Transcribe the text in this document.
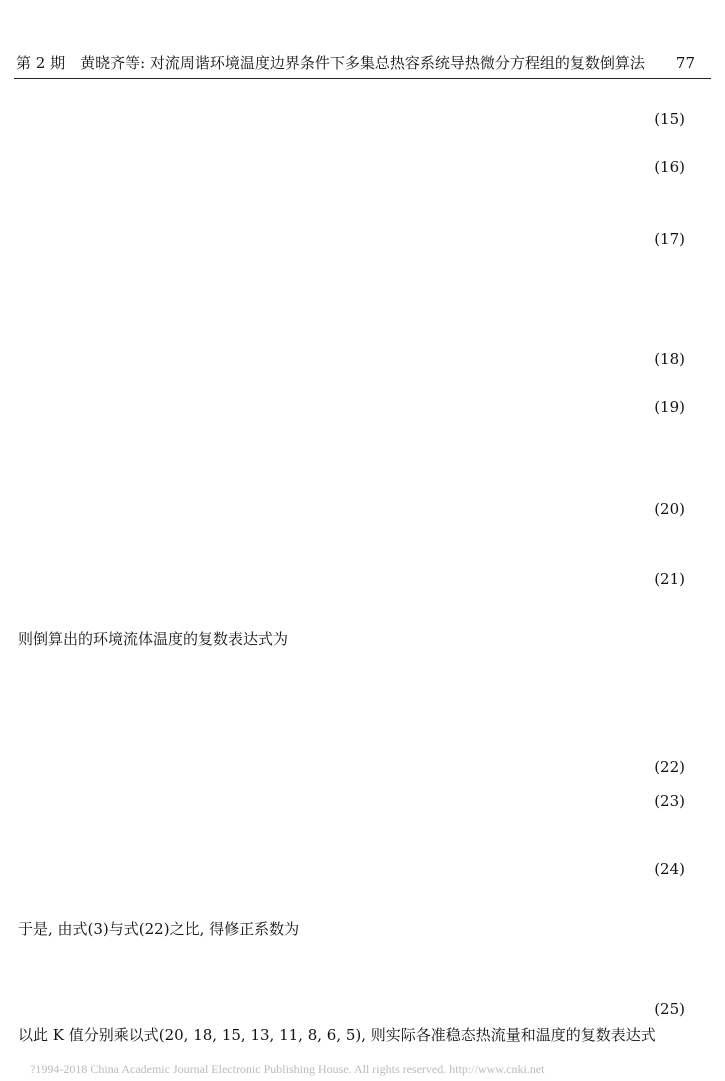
第 2 期　黄晓齐等: 对流周谐环境温度边界条件下多集总热容系统导热微分方程组的复数倒算法 77
(15)
(16)
(17)
(18)
(19)
(20)
(21)
(22)
(23)
(24)
(25)
则倒算出的环境流体温度的复数表达式为
于是, 由式(3)与式(22)之比, 得修正系数为
以此 K 值分别乘以式(20, 18, 15, 13, 11, 8, 6, 5), 则实际各准稳态热流量和温度的复数表达式
?1994-2018 China Academic Journal Electronic Publishing House. All rights reserved. http://www.cnki.net
